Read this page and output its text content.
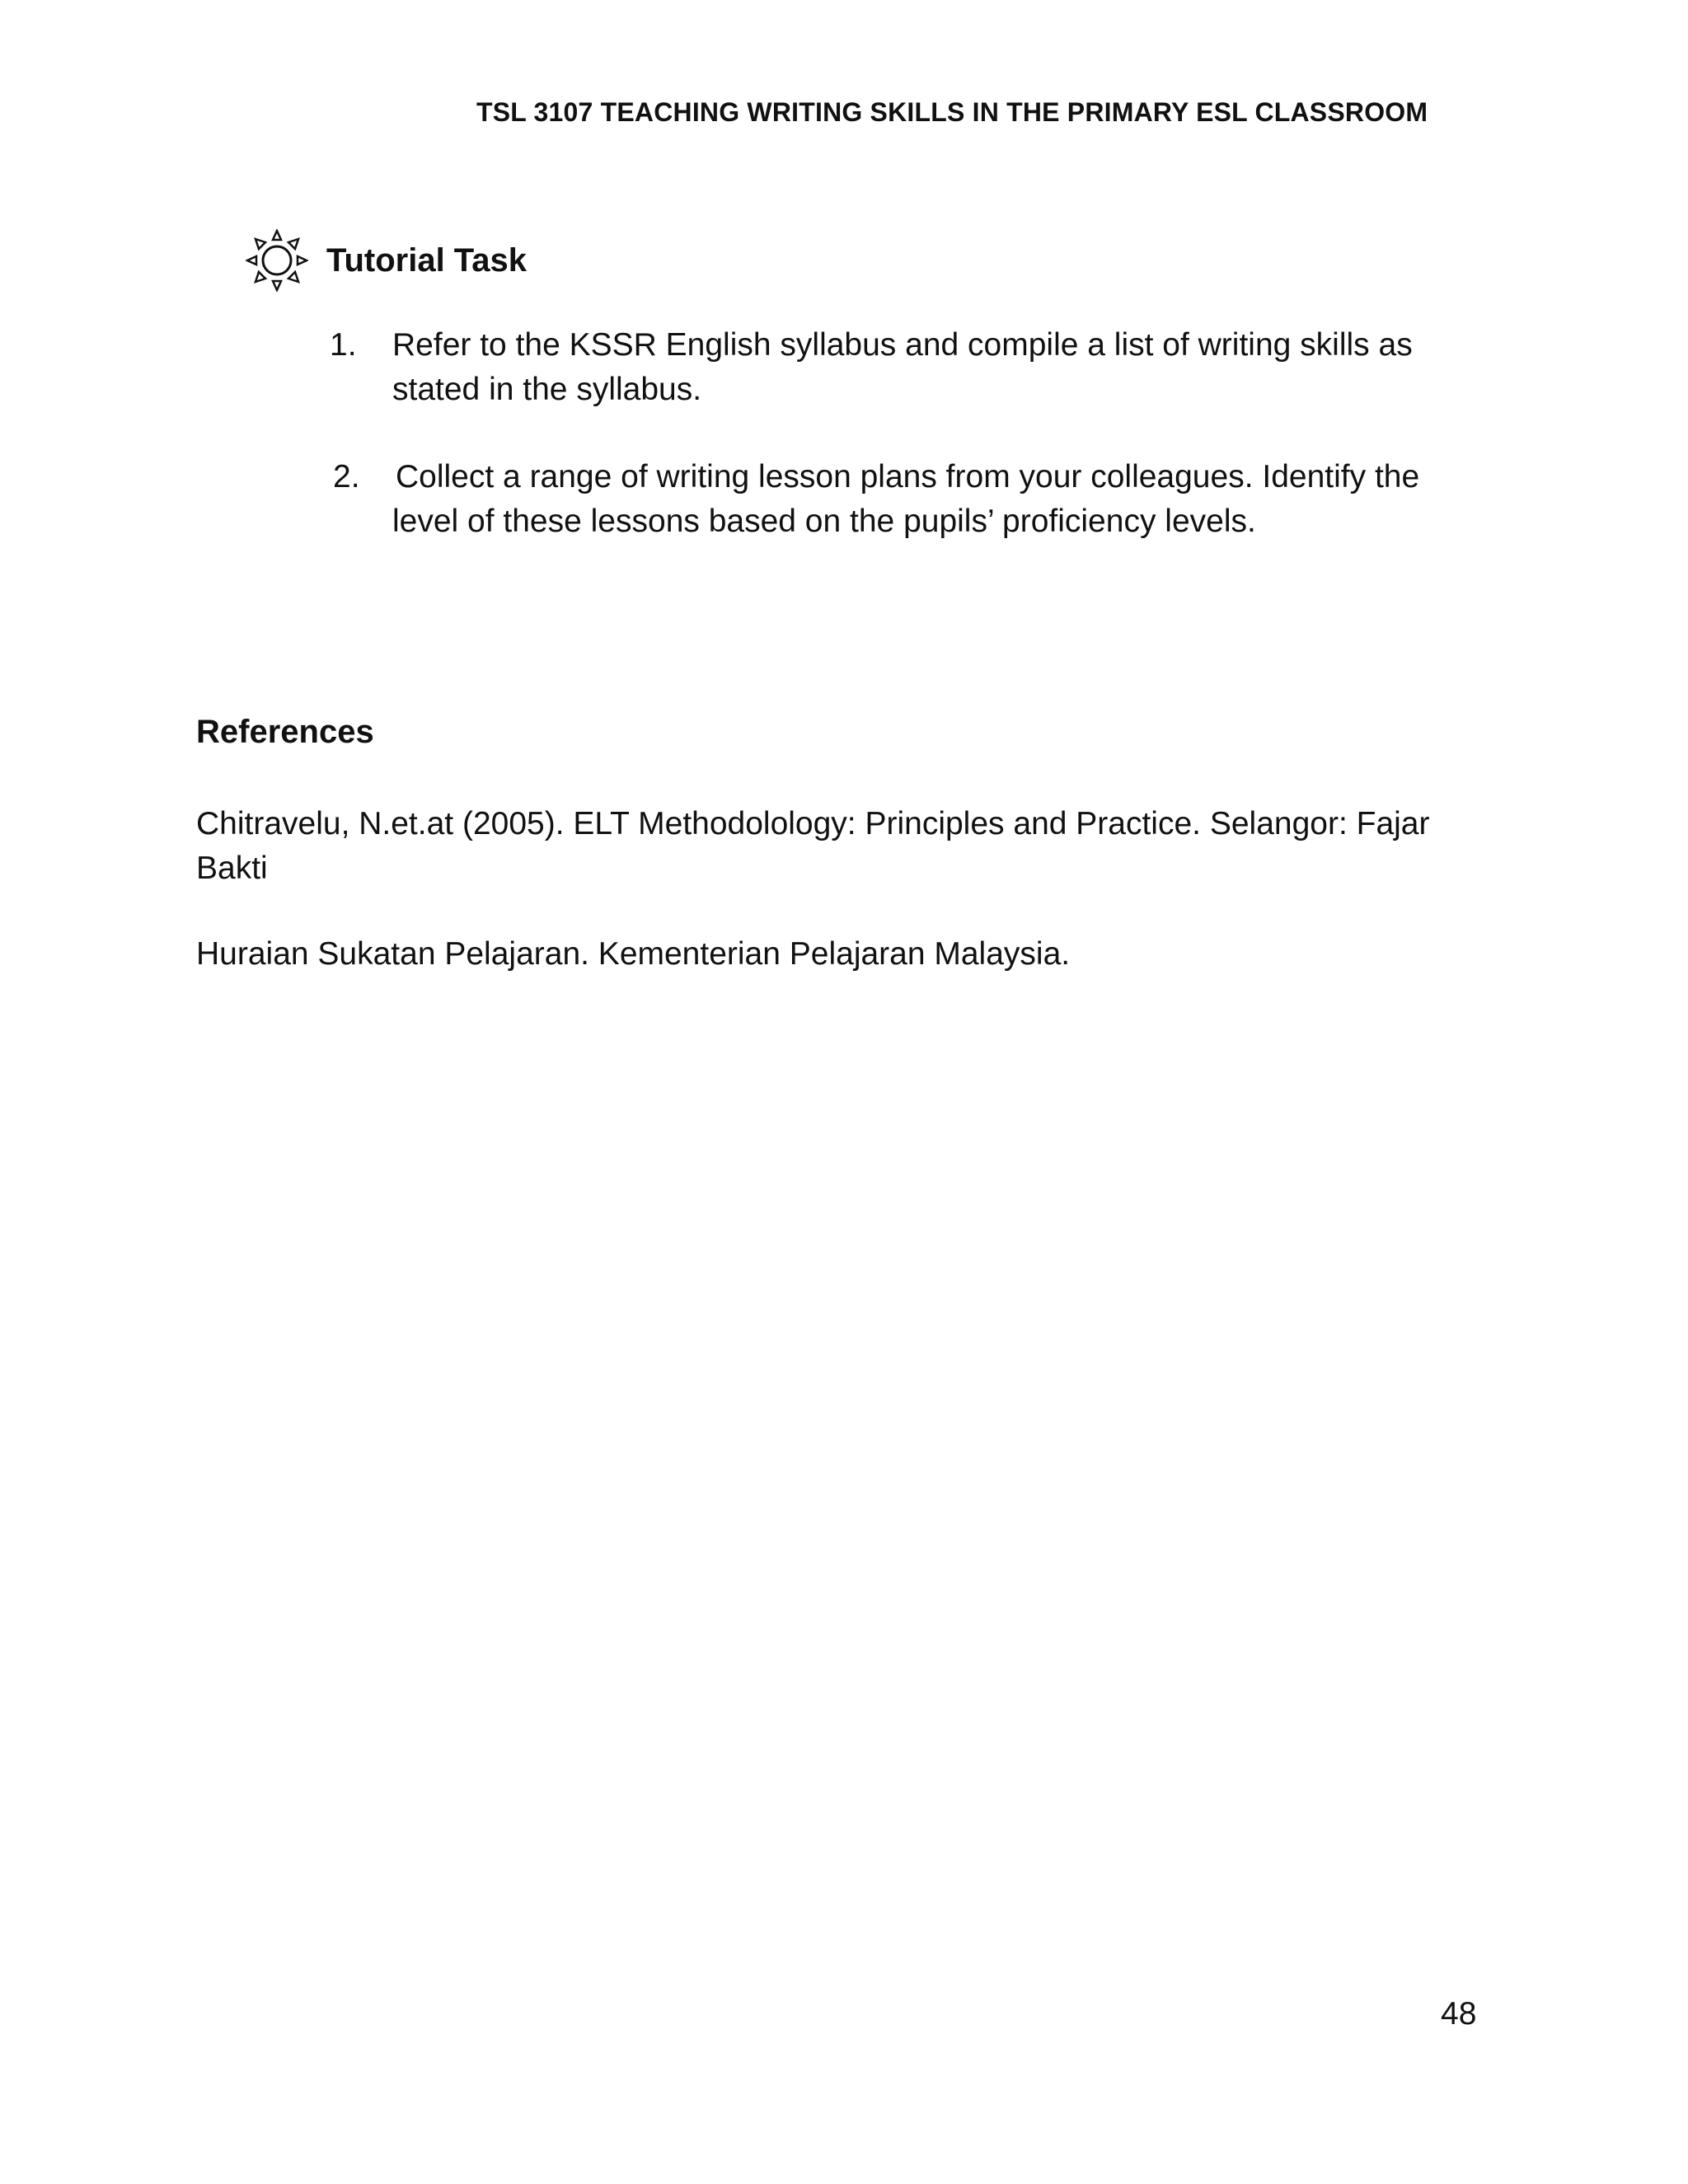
TSL 3107 TEACHING WRITING SKILLS IN THE PRIMARY ESL CLASSROOM
Tutorial Task
1. Refer to the KSSR English syllabus and compile a list of writing skills as
stated in the syllabus.
2. Collect a range of writing lesson plans from your colleagues. Identify the
level of these lessons based on the pupils’ proficiency levels.
References
Chitravelu, N.et.at (2005). ELT Methodolology: Principles and Practice. Selangor: Fajar
Bakti
Huraian Sukatan Pelajaran. Kementerian Pelajaran Malaysia.
48
